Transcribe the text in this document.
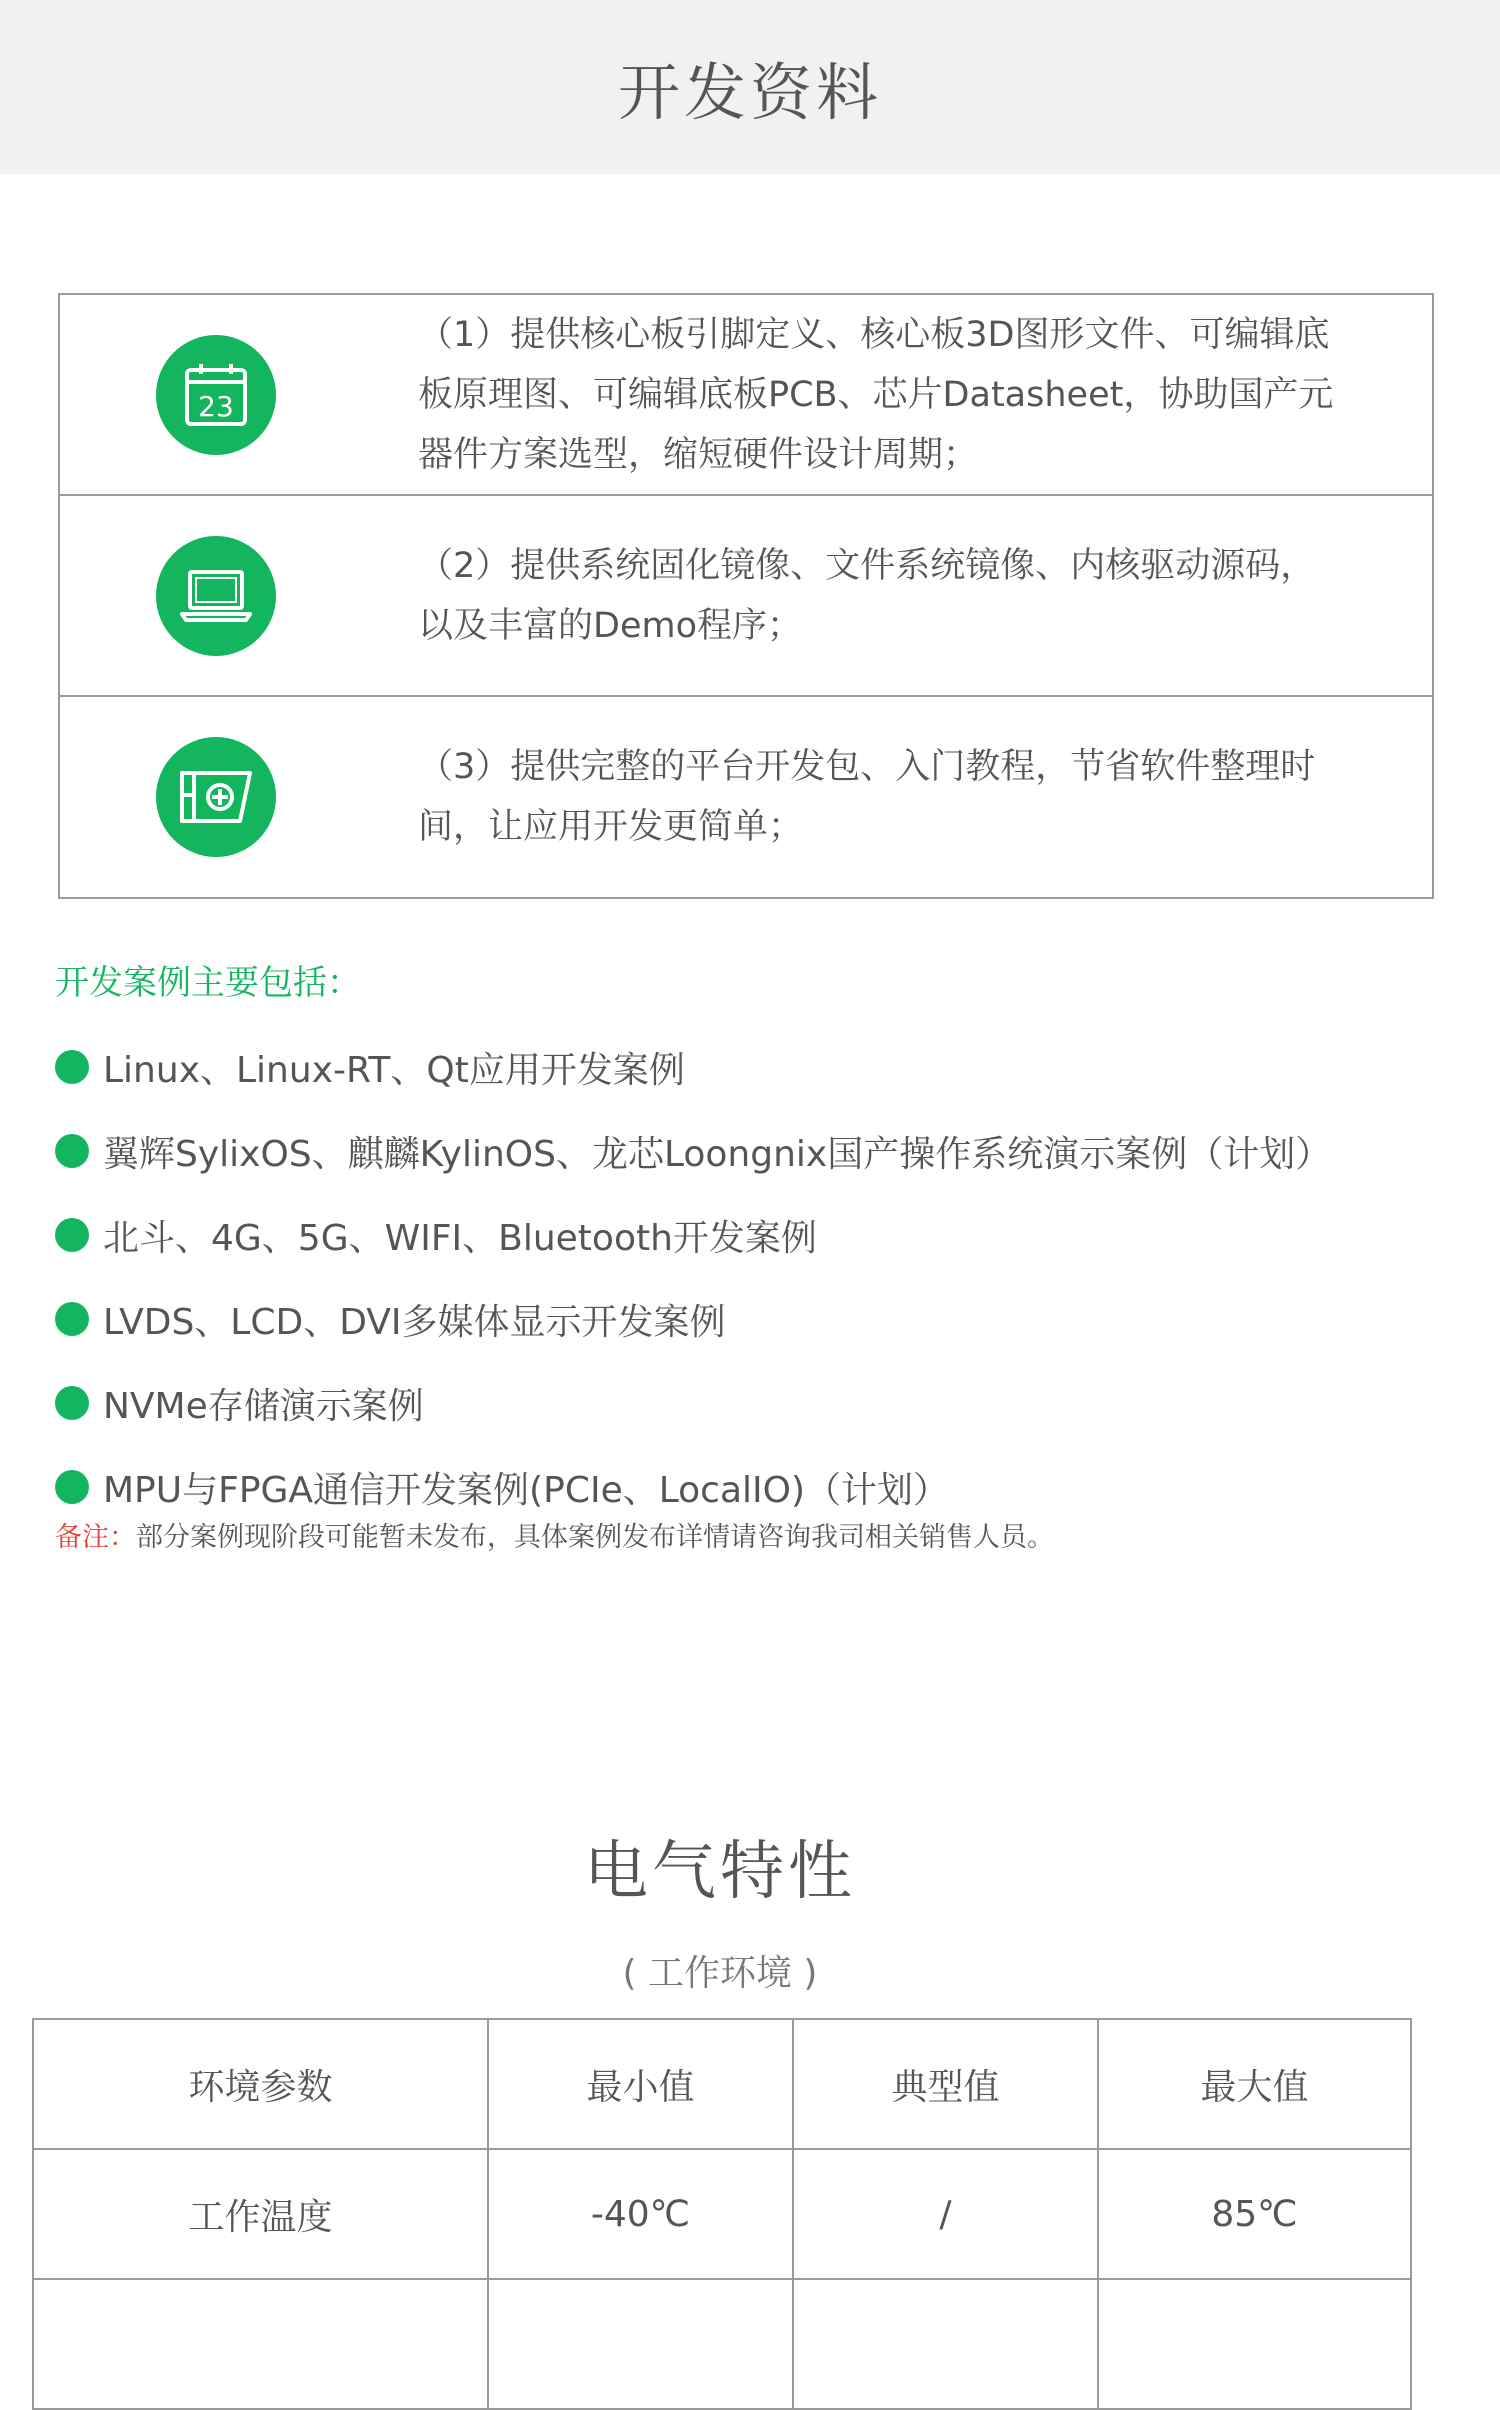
开发资料
23
（1）提供核心板引脚定义、核心板3D图形文件、可编辑底板原理图、可编辑底板PCB、芯片Datasheet，协助国产元器件方案选型，缩短硬件设计周期；
（2）提供系统固化镜像、文件系统镜像、内核驱动源码，以及丰富的Demo程序；
（3）提供完整的平台开发包、入门教程，节省软件整理时间，让应用开发更简单；
开发案例主要包括：
Linux、Linux-RT、Qt应用开发案例
翼辉SylixOS、麒麟KylinOS、龙芯Loongnix国产操作系统演示案例（计划）
北斗、4G、5G、WIFI、Bluetooth开发案例
LVDS、LCD、DVI多媒体显示开发案例
NVMe存储演示案例
MPU与FPGA通信开发案例(PCIe、LocalIO)（计划）
备注：部分案例现阶段可能暂未发布，具体案例发布详情请咨询我司相关销售人员。
电气特性
( 工作环境 )
环境参数	最小值	典型值	最大值
工作温度	-40℃	/	85℃
